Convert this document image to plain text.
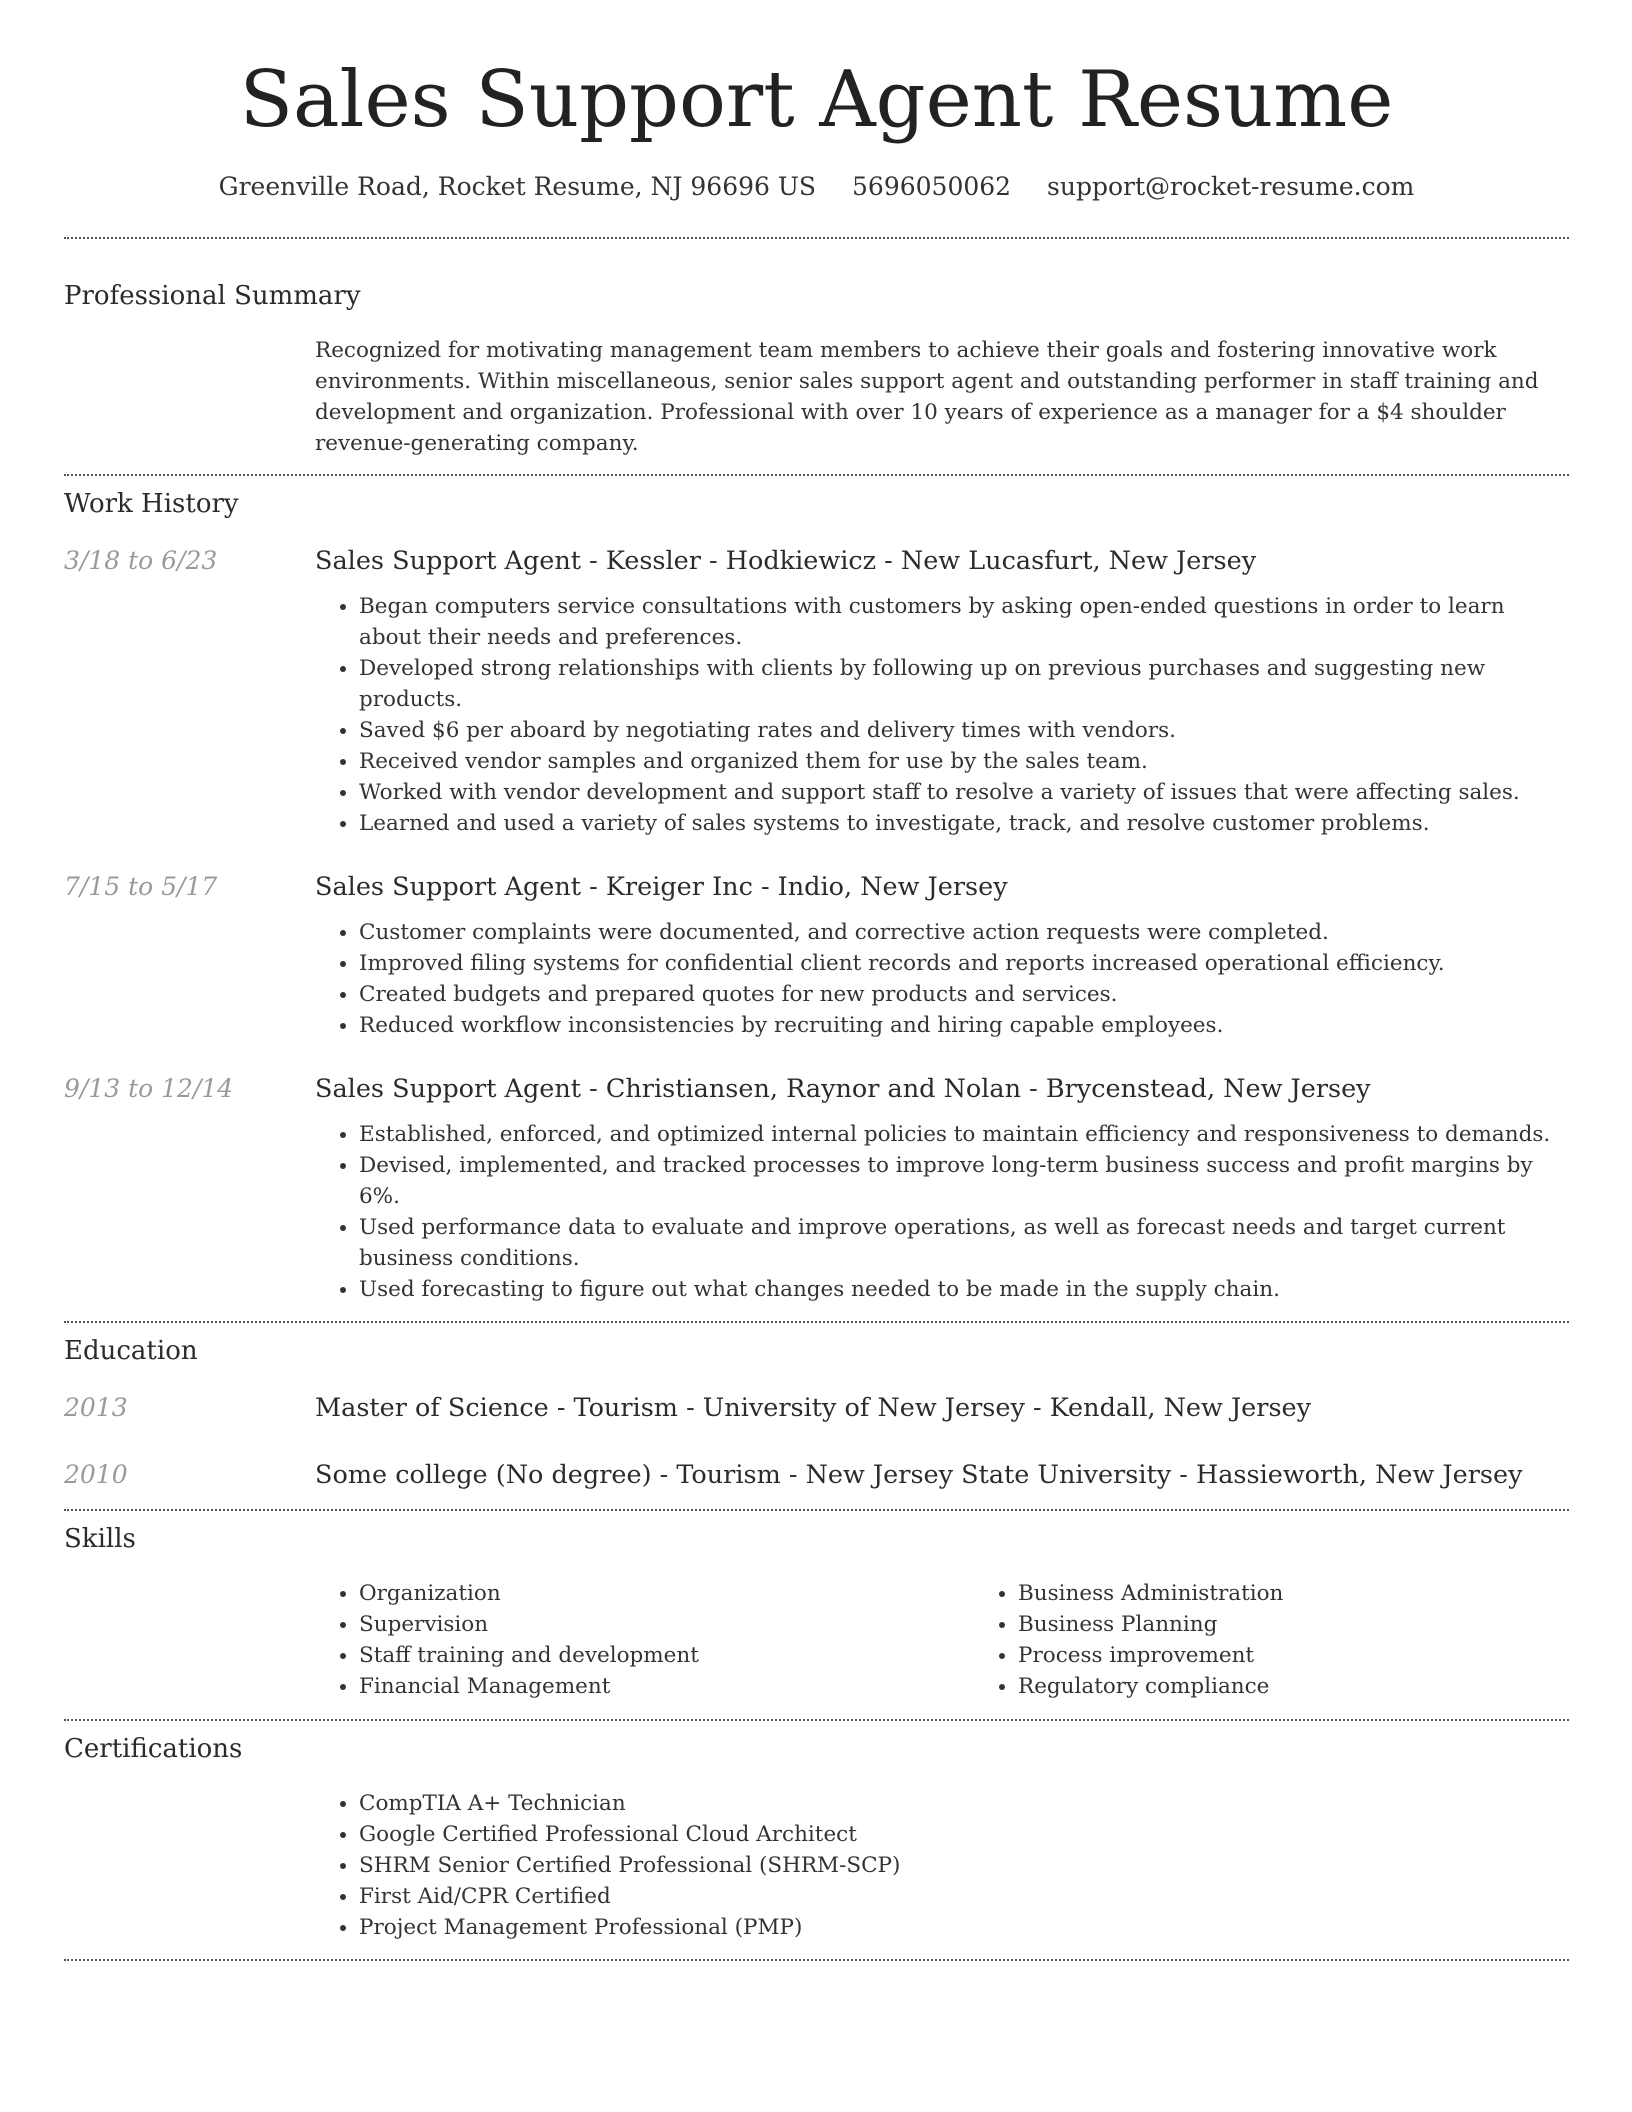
Sales Support Agent Resume
Greenville Road, Rocket Resume, NJ 96696 US 5696050062 support@rocket-resume.com
Professional Summary
Recognized for motivating management team members to achieve their goals and fostering innovative work environments. Within miscellaneous, senior sales support agent and outstanding performer in staff training and development and organization. Professional with over 10 years of experience as a manager for a $4 shoulder revenue-generating company.
Work History
3/18 to 6/23	Sales Support Agent - Kessler - Hodkiewicz - New Lucasfurt, New Jersey
• Began computers service consultations with customers by asking open-ended questions in order to learn about their needs and preferences.
• Developed strong relationships with clients by following up on previous purchases and suggesting new products.
• Saved $6 per aboard by negotiating rates and delivery times with vendors.
• Received vendor samples and organized them for use by the sales team.
• Worked with vendor development and support staff to resolve a variety of issues that were affecting sales.
• Learned and used a variety of sales systems to investigate, track, and resolve customer problems.
7/15 to 5/17	Sales Support Agent - Kreiger Inc - Indio, New Jersey
• Customer complaints were documented, and corrective action requests were completed.
• Improved filing systems for confidential client records and reports increased operational efficiency.
• Created budgets and prepared quotes for new products and services.
• Reduced workflow inconsistencies by recruiting and hiring capable employees.
9/13 to 12/14	Sales Support Agent - Christiansen, Raynor and Nolan - Brycenstead, New Jersey
• Established, enforced, and optimized internal policies to maintain efficiency and responsiveness to demands.
• Devised, implemented, and tracked processes to improve long-term business success and profit margins by 6%.
• Used performance data to evaluate and improve operations, as well as forecast needs and target current business conditions.
• Used forecasting to figure out what changes needed to be made in the supply chain.
Education
2013	Master of Science - Tourism - University of New Jersey - Kendall, New Jersey
2010	Some college (No degree) - Tourism - New Jersey State University - Hassieworth, New Jersey
Skills
• Organization
• Supervision
• Staff training and development
• Financial Management
• Business Administration
• Business Planning
• Process improvement
• Regulatory compliance
Certifications
• CompTIA A+ Technician
• Google Certified Professional Cloud Architect
• SHRM Senior Certified Professional (SHRM-SCP)
• First Aid/CPR Certified
• Project Management Professional (PMP)
